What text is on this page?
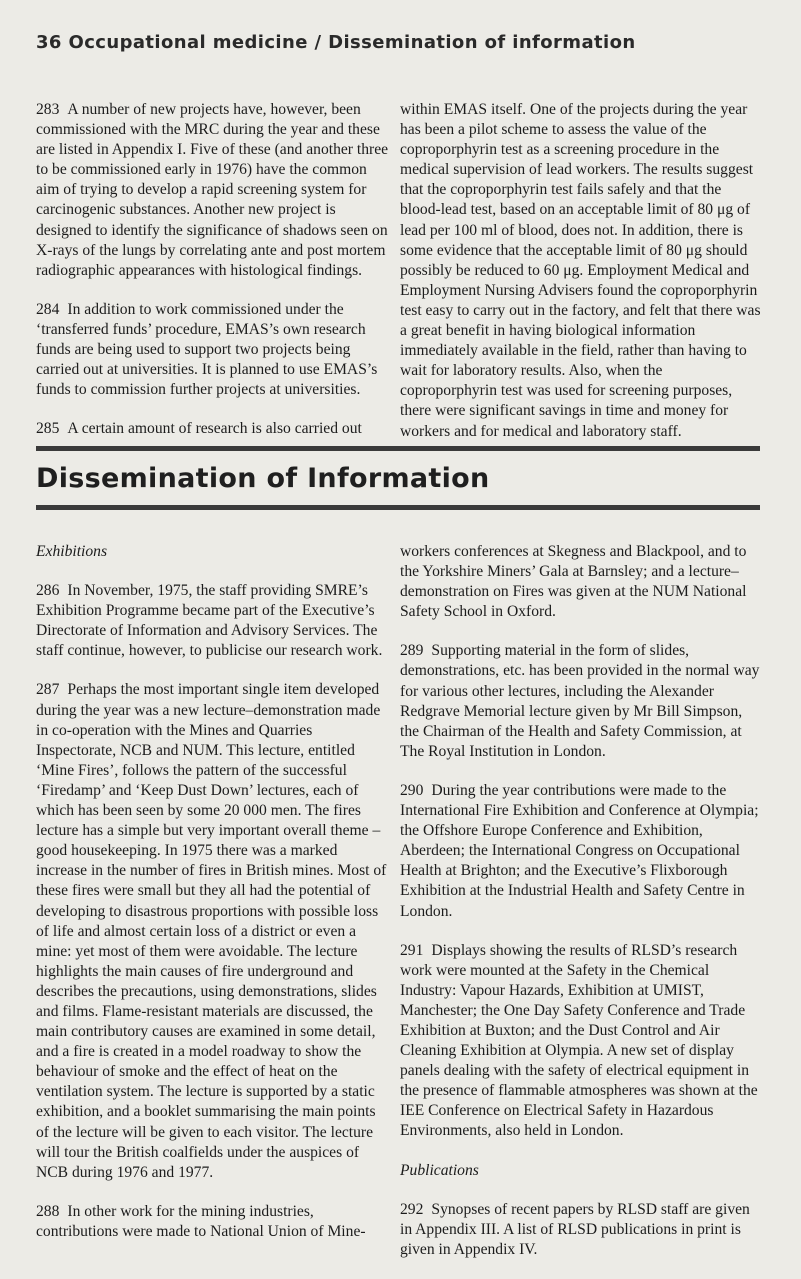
36 Occupational medicine / Dissemination of information

283 A number of new projects have, however, been commissioned with the MRC during the year and these are listed in Appendix I. Five of these (and another three to be commissioned early in 1976) have the common aim of trying to develop a rapid screening system for carcinogenic substances. Another new project is designed to identify the significance of shadows seen on X-rays of the lungs by correlating ante and post mortem radiographic appearances with histological findings.

284 In addition to work commissioned under the ‘transferred funds’ procedure, EMAS’s own research funds are being used to support two projects being carried out at universities. It is planned to use EMAS’s funds to commission further projects at universities.

285 A certain amount of research is also carried out

within EMAS itself. One of the projects during the year has been a pilot scheme to assess the value of the coproporphyrin test as a screening procedure in the medical supervision of lead workers. The results suggest that the coproporphyrin test fails safely and that the blood-lead test, based on an acceptable limit of 80 μg of lead per 100 ml of blood, does not. In addition, there is some evidence that the acceptable limit of 80 μg should possibly be reduced to 60 μg. Employment Medical and Employment Nursing Advisers found the coproporphyrin test easy to carry out in the factory, and felt that there was a great benefit in having biological information immediately available in the field, rather than having to wait for laboratory results. Also, when the coproporphyrin test was used for screening purposes, there were significant savings in time and money for workers and for medical and laboratory staff.

Dissemination of Information

Exhibitions

286 In November, 1975, the staff providing SMRE’s Exhibition Programme became part of the Executive’s Directorate of Information and Advisory Services. The staff continue, however, to publicise our research work.

287 Perhaps the most important single item developed during the year was a new lecture–demonstration made in co-operation with the Mines and Quarries Inspectorate, NCB and NUM. This lecture, entitled ‘Mine Fires’, follows the pattern of the successful ‘Firedamp’ and ‘Keep Dust Down’ lectures, each of which has been seen by some 20 000 men. The fires lecture has a simple but very important overall theme – good housekeeping. In 1975 there was a marked increase in the number of fires in British mines. Most of these fires were small but they all had the potential of developing to disastrous proportions with possible loss of life and almost certain loss of a district or even a mine: yet most of them were avoidable. The lecture highlights the main causes of fire underground and describes the precautions, using demonstrations, slides and films. Flame-resistant materials are discussed, the main contributory causes are examined in some detail, and a fire is created in a model roadway to show the behaviour of smoke and the effect of heat on the ventilation system. The lecture is supported by a static exhibition, and a booklet summarising the main points of the lecture will be given to each visitor. The lecture will tour the British coalfields under the auspices of NCB during 1976 and 1977.

288 In other work for the mining industries, contributions were made to National Union of Mine-

workers conferences at Skegness and Blackpool, and to the Yorkshire Miners’ Gala at Barnsley; and a lecture–demonstration on Fires was given at the NUM National Safety School in Oxford.

289 Supporting material in the form of slides, demonstrations, etc. has been provided in the normal way for various other lectures, including the Alexander Redgrave Memorial lecture given by Mr Bill Simpson, the Chairman of the Health and Safety Commission, at The Royal Institution in London.

290 During the year contributions were made to the International Fire Exhibition and Conference at Olympia; the Offshore Europe Conference and Exhibition, Aberdeen; the International Congress on Occupational Health at Brighton; and the Executive’s Flixborough Exhibition at the Industrial Health and Safety Centre in London.

291 Displays showing the results of RLSD’s research work were mounted at the Safety in the Chemical Industry: Vapour Hazards, Exhibition at UMIST, Manchester; the One Day Safety Conference and Trade Exhibition at Buxton; and the Dust Control and Air Cleaning Exhibition at Olympia. A new set of display panels dealing with the safety of electrical equipment in the presence of flammable atmospheres was shown at the IEE Conference on Electrical Safety in Hazardous Environments, also held in London.

Publications

292 Synopses of recent papers by RLSD staff are given in Appendix III. A list of RLSD publications in print is given in Appendix IV.
